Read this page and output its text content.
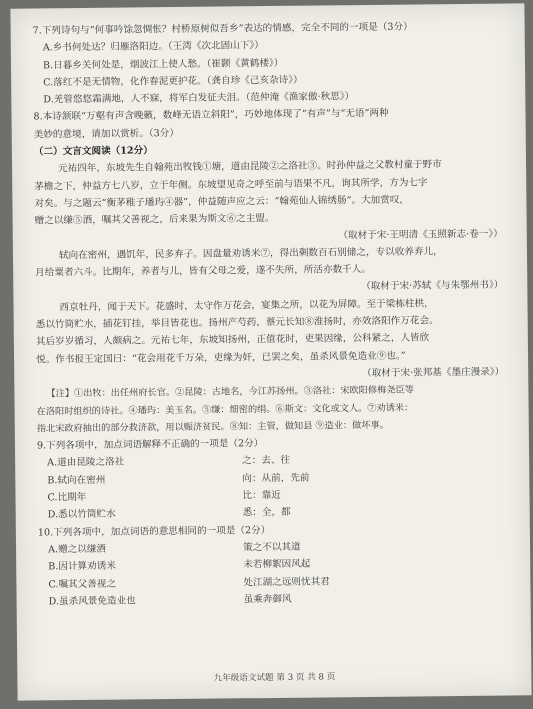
7.下列诗句与“何事吟馀忽惆怅？村桥原树似吾乡”表达的情感，完全不同的一项是（3分）
A.乡书何处达？归雁洛阳边。（王湾《次北固山下》）
B.日暮乡关何处是，烟波江上使人愁。（崔颢《黄鹤楼》）
C.落红不是无情物，化作春泥更护花。（龚自珍《己亥杂诗》）
D.羌管悠悠霜满地，人不寐，将军白发征夫泪。（范仲淹《渔家傲·秋思》）
8.本诗颔联“万壑有声含晚籁，数峰无语立斜阳”，巧妙地体现了“有声”与“无语”两种
美妙的意境，请加以赏析。（3分）
（二）文言文阅读（12分）
元祐四年，东坡先生自翰苑出牧钱①塘，道由昆陵②之洛社③。时孙仲益之父教村童于野市
茅檐之下，仲益方七八岁，立于年侧。东坡望见奇之呼至前与语果不凡，询其所学，方为七字
对矣。与之题云“衡茅稚子璠玙④器”，仲益随声应之云：“翰苑仙人锦绣肠”。大加赏叹，
赠之以缣⑤酒，嘱其父善视之，后来果为斯文⑥之主盟。
（取材于宋·王明清《玉照新志·卷一》）
轼向在密州，遇饥年，民多弃子。因盘量劝诱米⑦，得出剩数百石别储之，专以收养弃儿，
月给粟者六斗。比期年，养者与儿，皆有父母之爱，遂不失所，所活亦数千人。
（取材于宋·苏轼《与朱鄂州书》）
西京牡丹，闻于天下。花盛时，太守作万花会，宴集之所，以花为屏障。至于梁栋柱栱，
悉以竹筒贮水，插花钉挂，举目皆花也。扬州产芍药，蔡元长知⑧淮扬时，亦效洛阳作万花会。
其后岁岁循习，人颇病之。元祐七年，东坡知扬州，正值花时，吏果因缘，公科紧之，人皆欣
悦。作书报王定国曰：“花会用花千万朵，吏缘为奸，已罢之矣，虽杀风景免造业⑨也。”
（取材于宋·张邦基《墨庄漫录》）
【注】①出牧：出任州府长官。②昆陵：古地名，今江苏扬州。③洛社：宋欧阳修梅尧臣等
在洛阳时组织的诗社。④璠玙：美玉名。⑤缣：细密的绢。⑥斯文：文化或文人。⑦劝诱米：
指北宋政府抽出的部分救济款，用以赈济贫民。⑧知：主管，做知县 ⑨造业：做坏事。
9.下列各项中，加点词语解释不正确的一项是（2分）
A.道由昆陵之洛社	之：去、往
B.轼向在密州	向：从前，先前
C.比期年	比：靠近
D.悉以竹筒贮水	悉：全，都
10.下列各项中，加点词语的意思相同的一项是（2分）
A.赠之以缣酒	策之不以其道
B.因计算劝诱米	未若柳絮因风起
C.嘱其父善视之	处江湖之远则忧其君
D.虽杀风景免造业也	虽乘奔御风
九年级语文试题 第 3 页 共 8 页
